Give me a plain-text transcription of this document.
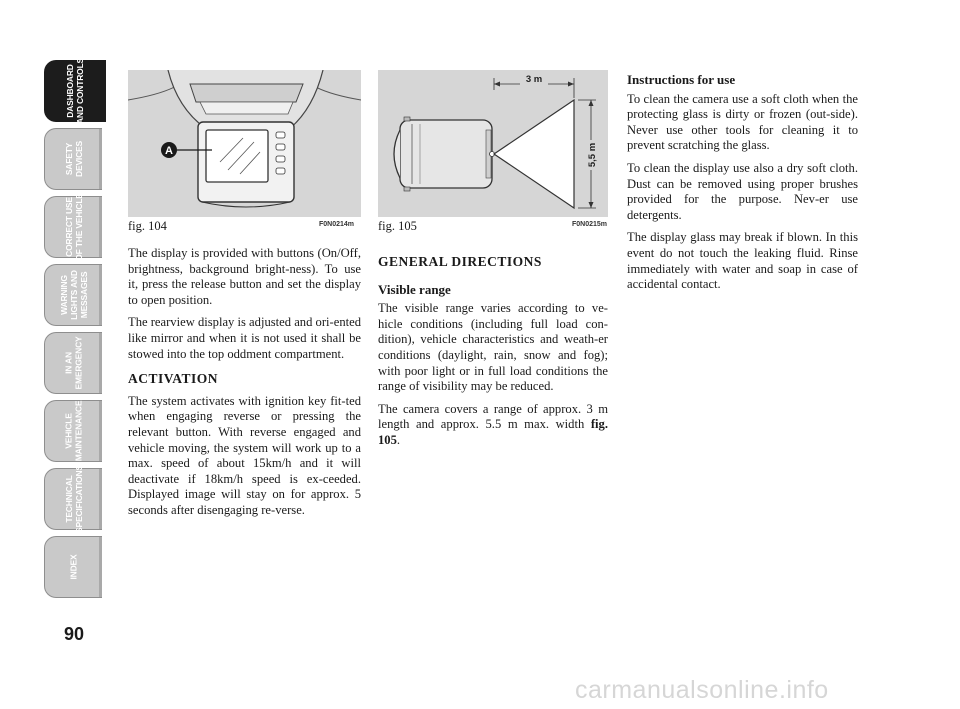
DASHBOARD AND CONTROLS
SAFETY DEVICES
CORRECT USE OF THE VEHICLE
WARNING LIGHTS AND MESSAGES
IN AN EMERGENCY
VEHICLE MAINTENANCE
TECHNICAL SPECIFICATIONS
INDEX
90
A
fig. 104	F0N0214m
3 m
5,5 m
fig. 105	F0N0215m

The display is provided with buttons (On/Off, brightness, background bright-ness). To use it, press the release button and set the display to open position.

The rearview display is adjusted and ori-ented like mirror and when it is not used it shall be stowed into the top oddment compartment.

ACTIVATION

The system activates with ignition key fit-ted when engaging reverse or pressing the relevant button. With reverse engaged and vehicle moving, the system will work up to a max. speed of about 15km/h and it will deactivate if 18km/h speed is ex-ceeded. Displayed image will stay on for approx. 5 seconds after disengaging re-verse.

GENERAL DIRECTIONS
Visible range

The visible range varies according to ve-hicle conditions (including full load con-dition), vehicle characteristics and weath-er conditions (daylight, rain, snow and fog); with poor light or in full load conditions the range of visibility may be reduced.

The camera covers a range of approx. 3 m length and approx. 5.5 m max. width fig. 105.

Instructions for use

To clean the camera use a soft cloth when the protecting glass is dirty or frozen (out-side). Never use other tools for cleaning it to prevent scratching the glass.

To clean the display use also a dry soft cloth. Dust can be removed using proper brushes provided for the purpose. Nev-er use detergents.

The display glass may break if blown. In this event do not touch the leaking fluid. Rinse immediately with water and soap in case of accidental contact.

carmanualsonline.info
